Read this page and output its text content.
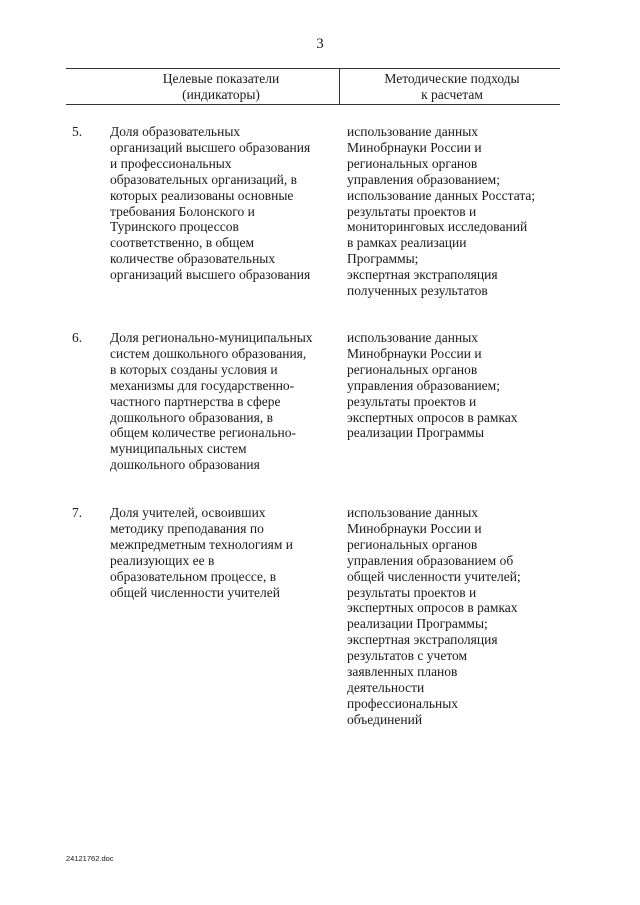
3
Целевые показатели
(индикаторы)
Методические подходы
к расчетам
5. Доля образовательных
организаций высшего образования
и профессиональных
образовательных организаций, в
которых реализованы основные
требования Болонского и
Туринского процессов
соответственно, в общем
количестве образовательных
организаций высшего образования
использование данных
Минобрнауки России и
региональных органов
управления образованием;
использование данных Росстата;
результаты проектов и
мониторинговых исследований
в рамках реализации
Программы;
экспертная экстраполяция
полученных результатов
6. Доля регионально-муниципальных
систем дошкольного образования,
в которых созданы условия и
механизмы для государственно-
частного партнерства в сфере
дошкольного образования, в
общем количестве регионально-
муниципальных систем
дошкольного образования
использование данных
Минобрнауки России и
региональных органов
управления образованием;
результаты проектов и
экспертных опросов в рамках
реализации Программы
7. Доля учителей, освоивших
методику преподавания по
межпредметным технологиям и
реализующих ее в
образовательном процессе, в
общей численности учителей
использование данных
Минобрнауки России и
региональных органов
управления образованием об
общей численности учителей;
результаты проектов и
экспертных опросов в рамках
реализации Программы;
экспертная экстраполяция
результатов с учетом
заявленных планов
деятельности
профессиональных
объединений
24121762.doc
